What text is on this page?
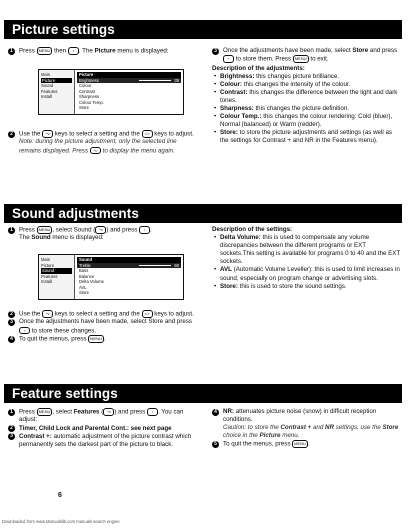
Picture settings
1 Press MENU then › . The Picture menu is displayed:
Main
Picture
Sound
Features
Install
Picture
Brightness	39
Colour
Contrast
Sharpness
Colour Temp.
Store
2 Use the ^v keys to select a setting and the <> keys to adjust.
Note: during the picture adjustment, only the selected line remains displayed. Press ^v to display the menu again.
3 Once the adjustments have been made, select Store and press › to store them. Press MENU to exit.
Description of the adjustments:
• Brightness: this changes picture brilliance.
• Colour: this changes the intensity of the colour.
• Contrast: this changes the difference between the light and dark tones.
• Sharpness: this changes the picture definition.
• Colour Temp.: this changes the colour rendering: Cold (bluer), Normal (balanced) or Warm (redder).
• Store: to store the picture adjustments and settings (as well as the settings for Contrast + and NR in the Features menu).
Sound adjustments
1 Press MENU , select Sound ( ^v ) and press › .
The Sound menu is displayed:
Main
Picture
Sound
Features
Install
Sound
Treble	50
Bass
Balance
Delta Volume
AVL
Store
2 Use the ^v keys to select a setting and the <> keys to adjust.
3 Once the adjustments have been made, select Store and press › to store these changes.
4 To quit the menus, press MENU .
Description of the settings:
• Delta Volume: this is used to compensate any volume discrepancies between the different programs or EXT sockets.This setting is available for programs 0 to 40 and the EXT sockets.
• AVL (Automatic Volume Leveller): this is used to limit increases in sound, especially on program change or advertising slots.
• Store: this is used to store the sound settings.
Feature settings
1 Press MENU , select Features ( ^v ) and press › . You can adjust:
2 Timer, Child Lock and Parental Cont.: see next page
3 Contrast +: automatic adjustment of the picture contrast which permanently sets the darkest part of the picture to black.
4 NR: attenuates picture noise (snow) in difficult reception conditions.
Caution: to store the Contrast + and NR settings, use the Store choice in the Picture menu.
5 To quit the menus, press MENU .
6
Downloaded from www.Manualslib.com manuals search engine
